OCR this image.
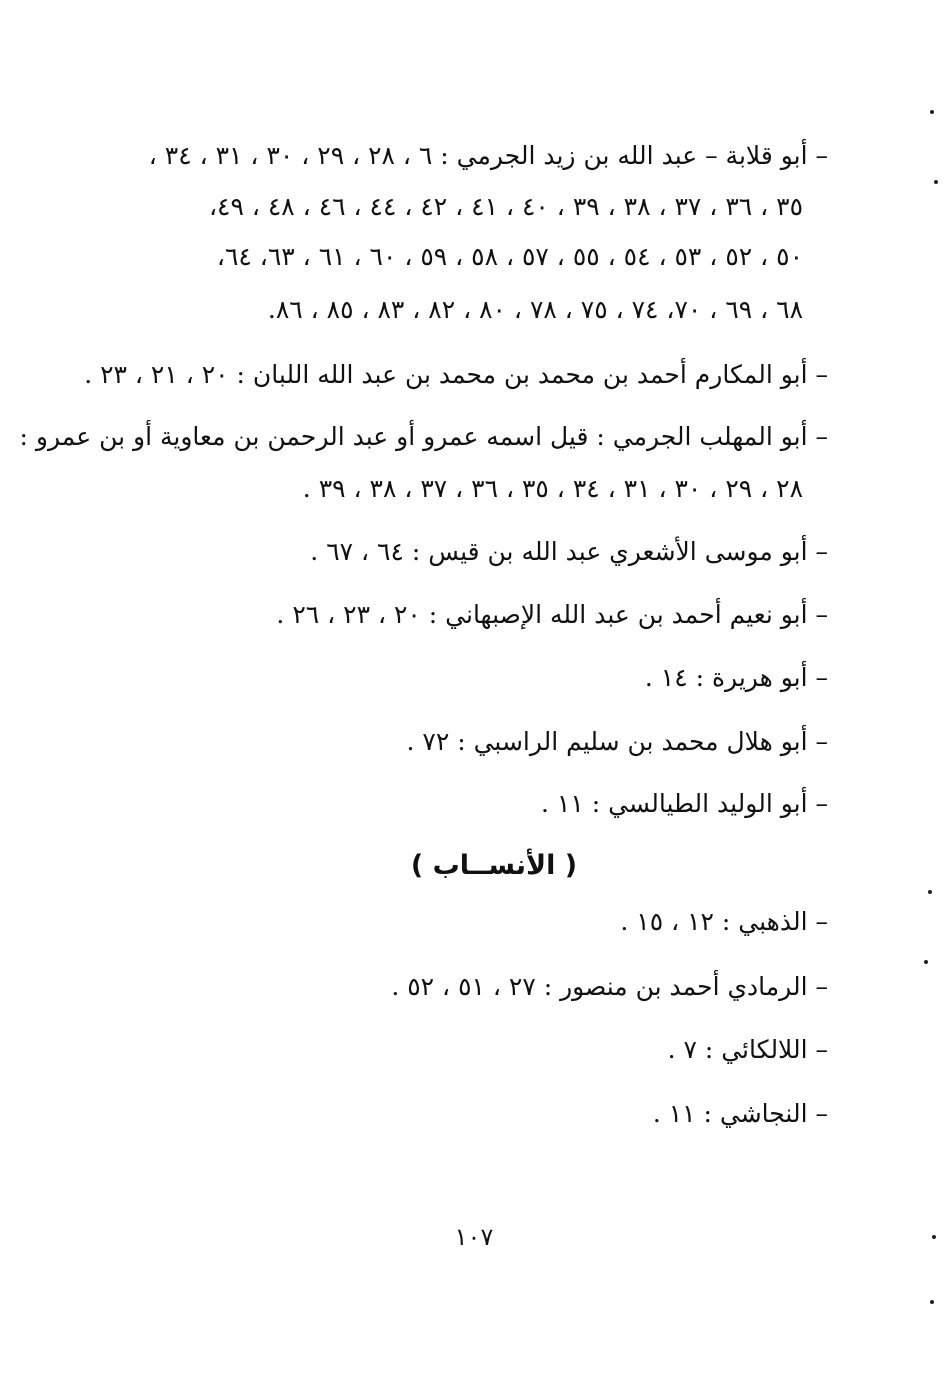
– أبو قلابة – عبد الله بن زيد الجرمي : ٦ ، ٢٨ ، ٢٩ ، ٣٠ ، ٣١ ، ٣٤ ،
٣٥ ، ٣٦ ، ٣٧ ، ٣٨ ، ٣٩ ، ٤٠ ، ٤١ ، ٤٢ ، ٤٤ ، ٤٦ ، ٤٨ ، ٤٩،
٥٠ ، ٥٢ ، ٥٣ ، ٥٤ ، ٥٥ ، ٥٧ ، ٥٨ ، ٥٩ ، ٦٠ ، ٦١ ، ٦٣، ٦٤،
٦٨ ، ٦٩ ، ٧٠، ٧٤ ، ٧٥ ، ٧٨ ، ٨٠ ، ٨٢ ، ٨٣ ، ٨٥ ، ٨٦.
– أبو المكارم أحمد بن محمد بن محمد بن عبد الله اللبان : ٢٠ ، ٢١ ، ٢٣ .
– أبو المهلب الجرمي : قيل اسمه عمرو أو عبد الرحمن بن معاوية أو بن عمرو :
٢٨ ، ٢٩ ، ٣٠ ، ٣١ ، ٣٤ ، ٣٥ ، ٣٦ ، ٣٧ ، ٣٨ ، ٣٩ .
– أبو موسى الأشعري عبد الله بن قيس : ٦٤ ، ٦٧ .
– أبو نعيم أحمد بن عبد الله الإصبهاني : ٢٠ ، ٢٣ ، ٢٦ .
– أبو هريرة : ١٤ .
– أبو هلال محمد بن سليم الراسبي : ٧٢ .
– أبو الوليد الطيالسي : ١١ .
( الأنســاب )
– الذهبي : ١٢ ، ١٥ .
– الرمادي أحمد بن منصور : ٢٧ ، ٥١ ، ٥٢ .
– اللالكائي : ٧ .
– النجاشي : ١١ .
١٠٧
